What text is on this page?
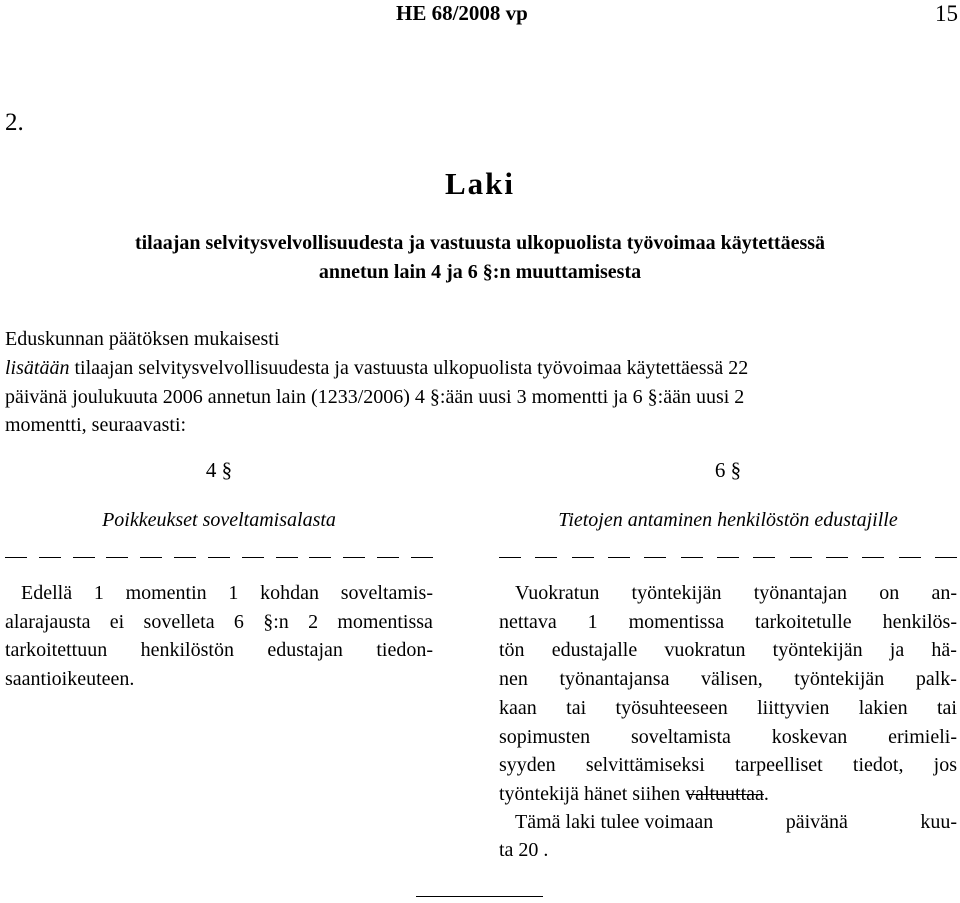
HE 68/2008 vp	15
2.
Laki
tilaajan selvitysvelvollisuudesta ja vastuusta ulkopuolista työvoimaa käytettäessä annetun lain 4 ja 6 §:n muuttamisesta
Eduskunnan päätöksen mukaisesti
lisätään tilaajan selvitysvelvollisuudesta ja vastuusta ulkopuolista työvoimaa käytettäessä 22
päivänä joulukuuta 2006 annetun lain (1233/2006) 4 §:ään uusi 3 momentti ja 6 §:ään uusi 2
momentti, seuraavasti:
4 §
Poikkeukset soveltamisalasta
Edellä 1 momentin 1 kohdan soveltamis-
alarajausta ei sovelleta 6 §:n 2 momentissa
tarkoitettuun henkilöstön edustajan tiedon-
saantioikeuteen.
6 §
Tietojen antaminen henkilöstön edustajille
Vuokratun työntekijän työnantajan on an-
nettava 1 momentissa tarkoitetulle henkilös-
tön edustajalle vuokratun työntekijän ja hä-
nen työnantajansa välisen, työntekijän palk-
kaan tai työsuhteeseen liittyvien lakien tai
sopimusten soveltamista koskevan erimieli-
syyden selvittämiseksi tarpeelliset tiedot, jos
työntekijä hänet siihen valtuuttaa.
Tämä laki tulee voimaan	päivänä	kuu-
ta 20 .
